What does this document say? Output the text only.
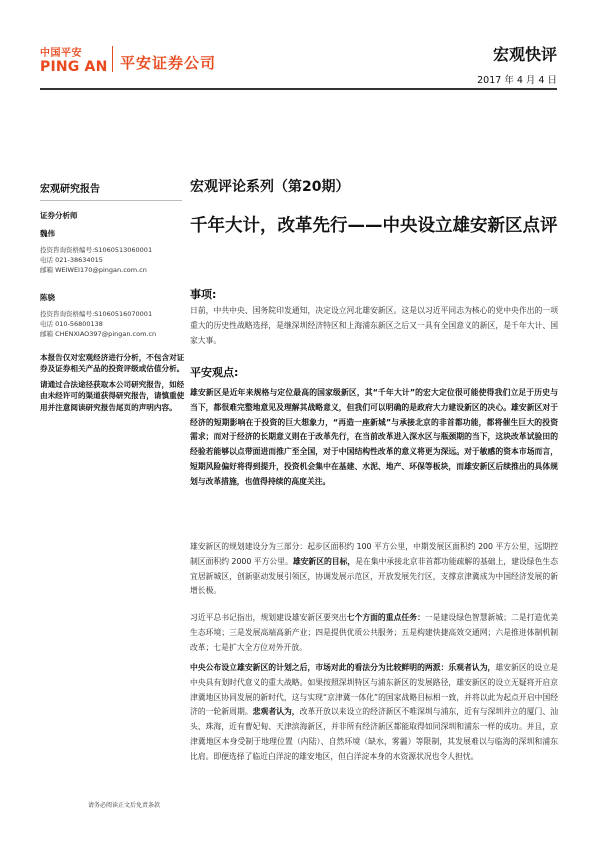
中国平安
PING AN 平安证券公司	宏观快评
2017 年 4 月 4 日
宏观研究报告
证券分析师
魏伟
投资咨询资格编号:S1060513060001
电话 021-38634015
邮箱 WEIWEI170@pingan.com.cn
陈骁
投资咨询资格编号:S1060516070001
电话 010-56800138
邮箱 CHENXIAO397@pingan.com.cn

本报告仅对宏观经济进行分析，不包含对证券及证券相关产品的投资评级或估值分析。

请通过合法途径获取本公司研究报告，如经由未经许可的渠道获得研究报告，请慎重使用并注意阅读研究报告尾页的声明内容。

宏观评论系列（第20期）
千年大计，改革先行——中央设立雄安新区点评
事项:
日前，中共中央、国务院印发通知，决定设立河北雄安新区。这是以习近平同志为核心的党中央作出的一项重大的历史性战略选择，是继深圳经济特区和上海浦东新区之后又一具有全国意义的新区，是千年大计、国家大事。
平安观点:
雄安新区是近年来规格与定位最高的国家级新区，其“千年大计”的宏大定位很可能使得我们立足于历史与当下，都很难完整地意见及理解其战略意义，但我们可以明确的是政府大力建设新区的决心。雄安新区对于经济的短期影响在于投资的巨大想象力，“再造一座新城”与承接北京的非首都功能，都将催生巨大的投资需求；而对于经济的长期意义则在于改革先行，在当前改革进入深水区与瓶颈期的当下，这块改革试验田的经验若能够以点带面进而推广至全国，对于中国结构性改革的意义将更为深远。对于敏感的资本市场而言，短期风险偏好将得到提升，投资机会集中在基建、水泥、地产、环保等板块，而雄安新区后续推出的具体规划与改革措施，也值得持续的高度关注。
雄安新区的规划建设分为三部分：起步区面积约 100 平方公里，中期发展区面积约 200 平方公里，远期控制区面积约 2000 平方公里。雄安新区的目标，是在集中承接北京非首都功能疏解的基础上，建设绿色生态宜居新城区，创新驱动发展引领区，协调发展示范区，开放发展先行区，支撑京津冀成为中国经济发展的新增长极。
习近平总书记指出，规划建设雄安新区要突出七个方面的重点任务：一是建设绿色智慧新城；二是打造优美生态环境；三是发展高端高新产业；四是提供优质公共服务；五是构建快捷高效交通网；六是推进体制机制改革；七是扩大全方位对外开放。
中央公布设立雄安新区的计划之后，市场对此的看法分为比较鲜明的两派：乐观者认为，雄安新区的设立是中央具有划时代意义的重大战略。如果按照深圳特区与浦东新区的发展路径，雄安新区的设立无疑将开启京津冀地区协同发展的新时代，这与实现“京津冀一体化”的国家战略目标相一致，并将以此为起点开启中国经济的一轮新周期。悲观者认为，改革开放以来设立的经济新区不唯深圳与浦东，近有与深圳并立的厦门、汕头、珠海，近有曹妃甸、天津滨海新区，并非所有经济新区都能取得如同深圳和浦东一样的成功。并且，京津冀地区本身受制于地理位置（内陆）、自然环境（缺水，雾霾）等限制，其发展难以与临海的深圳和浦东比肩。即便选择了临近白洋淀的雄安地区，但白洋淀本身的水资源状况也令人担忧。
请务必阅读正文后免责条款
